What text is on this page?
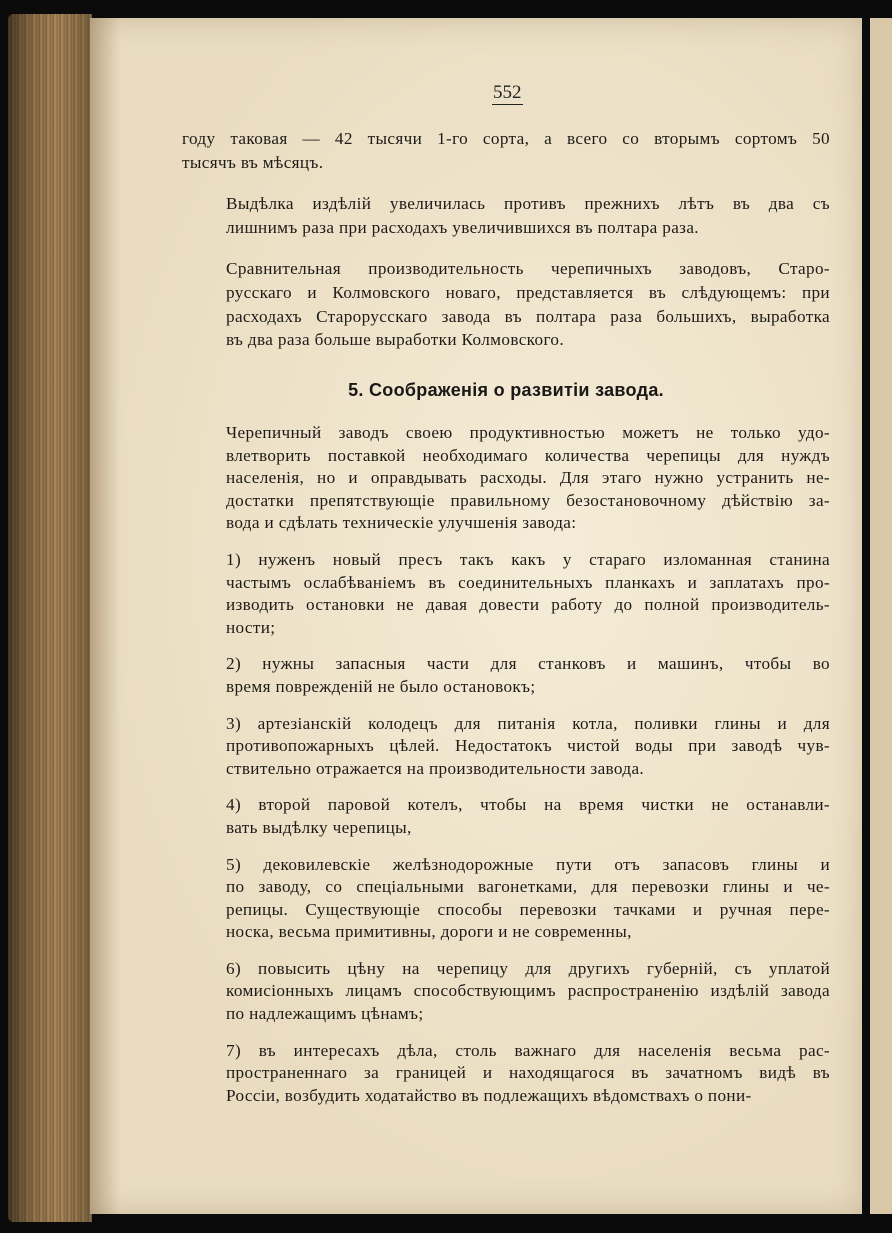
552
году таковая — 42 тысячи 1-го сорта, а всего со вторымъ сортомъ 50
тысячъ въ мѣсяцъ.
Выдѣлка издѣлій увеличилась противъ прежнихъ лѣтъ въ два съ
лишнимъ раза при расходахъ увеличившихся въ полтара раза.
Сравнительная производительность черепичныхъ заводовъ, Старо-
русскаго и Колмовского новаго, представляется въ слѣдующемъ: при
расходахъ Старорусскаго завода въ полтара раза большихъ, выработка
въ два раза больше выработки Колмовского.
5. Соображенія о развитіи завода.
Черепичный заводъ своею продуктивностью можетъ не только удо-
влетворить поставкой необходимаго количества черепицы для нуждъ
населенія, но и оправдывать расходы. Для этаго нужно устранить не-
достатки препятствующіе правильному безостановочному дѣйствію за-
вода и сдѣлать техническіе улучшенія завода:
1) нуженъ новый пресъ такъ какъ у стараго изломанная станина
частымъ ослабѣваніемъ въ соединительныхъ планкахъ и заплатахъ про-
изводить остановки не давая довести работу до полной производитель-
ности;
2) нужны запасныя части для станковъ и машинъ, чтобы во
время поврежденій не было остановокъ;
3) артезіанскій колодецъ для питанія котла, поливки глины и для
противопожарныхъ цѣлей. Недостатокъ чистой воды при заводѣ чув-
ствительно отражается на производительности завода.
4) второй паровой котелъ, чтобы на время чистки не останавли-
вать выдѣлку черепицы,
5) дековилевскіе желѣзнодорожные пути отъ запасовъ глины и
по заводу, со спеціальными вагонетками, для перевозки глины и че-
репицы. Существующіе способы перевозки тачками и ручная пере-
носка, весьма примитивны, дороги и не современны,
6) повысить цѣну на черепицу для другихъ губерній, съ уплатой
комисіонныхъ лицамъ способствующимъ распространенію издѣлій завода
по надлежащимъ цѣнамъ;
7) въ интересахъ дѣла, столь важнаго для населенія весьма рас-
пространеннаго за границей и находящагося въ зачатномъ видѣ въ
Россіи, возбудить ходатайство въ подлежащихъ вѣдомствахъ о пони-
